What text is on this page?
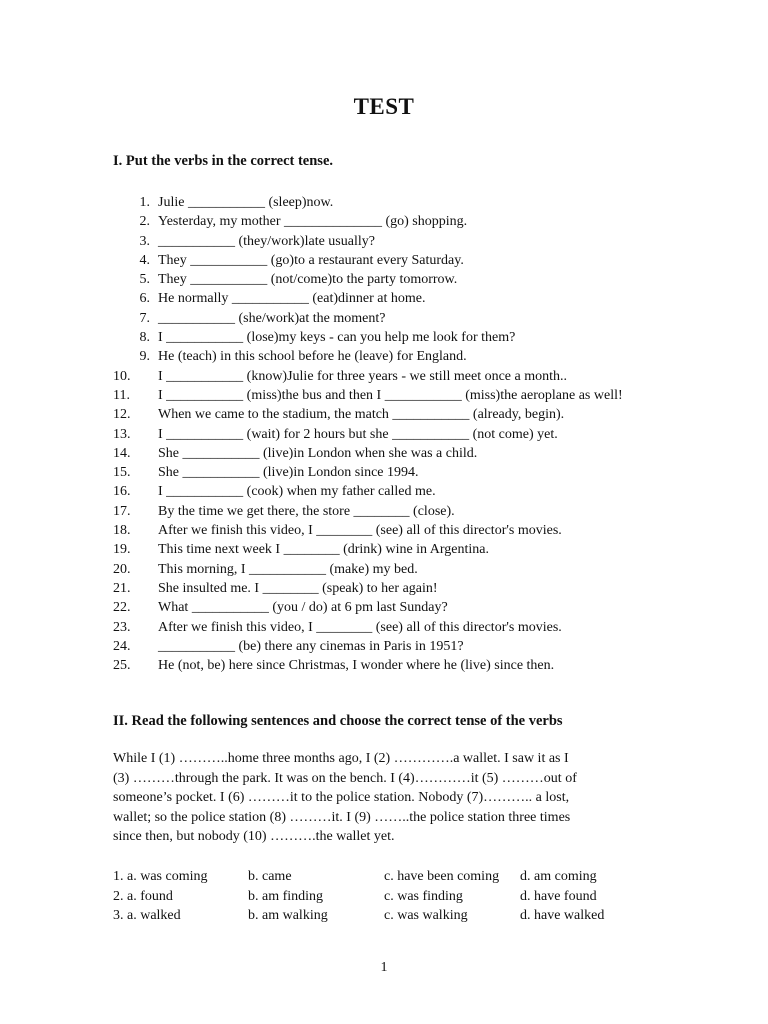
TEST
I. Put the verbs in the correct tense.
1. Julie ___________ (sleep)now.
2. Yesterday, my mother ______________ (go) shopping.
3. ___________ (they/work)late usually?
4. They ___________ (go)to a restaurant every Saturday.
5. They ___________ (not/come)to the party tomorrow.
6. He normally ___________ (eat)dinner at home.
7. ___________ (she/work)at the moment?
8. I ___________ (lose)my keys - can you help me look for them?
9. He (teach) in this school before he (leave) for England.
10.	I ___________ (know)Julie for three years - we still meet once a month..
11.	I ___________ (miss)the bus and then I ___________ (miss)the aeroplane as well!
12.	When we came to the stadium, the match ___________ (already, begin).
13.	I ___________ (wait) for 2 hours but she ___________ (not come) yet.
14.	She ___________ (live)in London when she was a child.
15.	She ___________ (live)in London since 1994.
16.	I ___________ (cook) when my father called me.
17.	By the time we get there, the store ________ (close).
18.	After we finish this video, I ________ (see) all of this director's movies.
19.	This time next week I ________ (drink) wine in Argentina.
20.	This morning, I ___________ (make) my bed.
21.	She insulted me. I ________ (speak) to her again!
22.	What ___________ (you / do) at 6 pm last Sunday?
23.	After we finish this video, I ________ (see) all of this director's movies.
24.	___________ (be) there any cinemas in Paris in 1951?
25.	He (not, be) here since Christmas, I wonder where he (live) since then.
II. Read the following sentences and choose the correct tense of the verbs
While I (1) ………..home three months ago, I (2) ………….a wallet. I saw it as I
(3) ………through the park. It was on the bench. I (4)…………it (5) ………out of
someone’s pocket. I (6) ………it to the police station. Nobody (7)……….. a lost,
wallet; so the police station (8) ………it. I (9) ……..the police station three times
since then, but nobody (10) ……….the wallet yet.
1. a. was coming	b. came	c. have been coming d. am coming
2. a. found	b. am finding	c. was finding	d. have found
3. a. walked	b. am walking	c. was walking	d. have walked
1
